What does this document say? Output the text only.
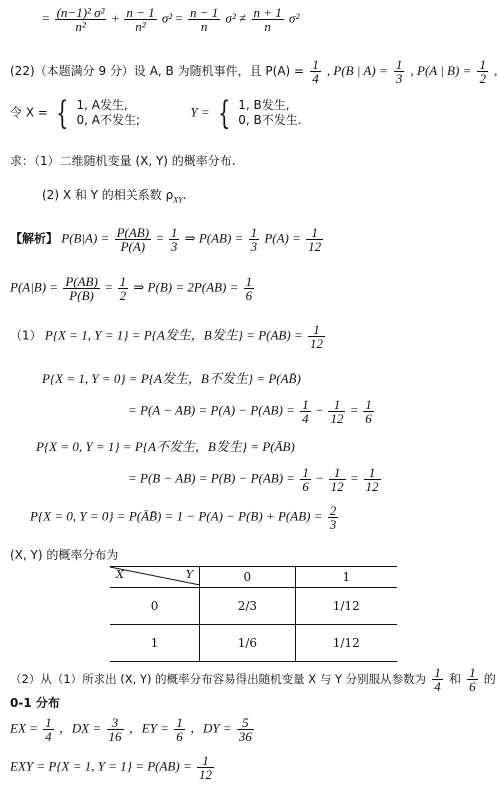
= $\frac{\text{(n−1)² σ²}}{\text{n²}} + \frac{n - 1}{\text{n²}} \sigma^2 = \frac{n - 1}{n} \sigma^2 \ne \frac{n + 1}{n} \sigma^2$
(22)（本题满分 9 分）设 A, B 为随机事件，且 $P(A) = \frac{1}{4}$ , P(B | $A) = \frac{1}{3}$ , P(A | $B) = \frac{1}{2}$ ,
令 X = { 1, A发生,
0, A不发生;
Y = { 1, B发生,
0, B不发生.
求：（1）二维随机变量 (X, Y) 的概率分布.
(2) X 和 Y 的相关系数 $\rho_{XY}$.
【解析】 $P(B|A) = \frac{P(AB)}{P(A)} = \frac{1}{3}$ ⇒ $P(AB) = \frac{1}{3} P(A) = \frac{1}{12}$
$P(A|B) = \frac{P(AB)}{P(B)} = \frac{1}{2}$ ⇒ $P(B) = 2P(AB) = \frac{1}{6}$
（1） P{X = 1, Y = 1} = P{A发生，B发生} = $P(AB) = \frac{1}{12}$
P{X = 1, Y = 0} = P{A发生，B不发生} = P(AB̄)
= $P(A - AB) = P(A) - P(AB) = \frac{1}{4} - \frac{1}{12} = \frac{1}{6}$
P{X = 0, Y = 1} = P{A不发生，B发生} = P(ĀB)
= $P(B - AB) = P(B) - P(AB) = \frac{1}{6} - \frac{1}{12} = \frac{1}{12}$
P{X = 0, Y = 0} = P(ĀB̄) = $1 - P(A) - P(B) + P(AB) = \frac{2}{3}$
(X, Y) 的概率分布为
X Y	0	1
0	2/3	1/12
1	1/6	1/12
（2）从（1）所求出 (X, Y) 的概率分布容易得出随机变量 X 与 Y 分别服从参数为 $\frac{1}{4}$ 和 $\frac{1}{6}$ 的
0-1 分布
EX = $\frac{1}{4}$ ，DX = $\frac{3}{16}$ ，EY = $\frac{1}{6}$ ，DY = $\frac{5}{36}$
EXY = P{X = 1, $Y = 1\} = P(AB) = \frac{1}{12}$
